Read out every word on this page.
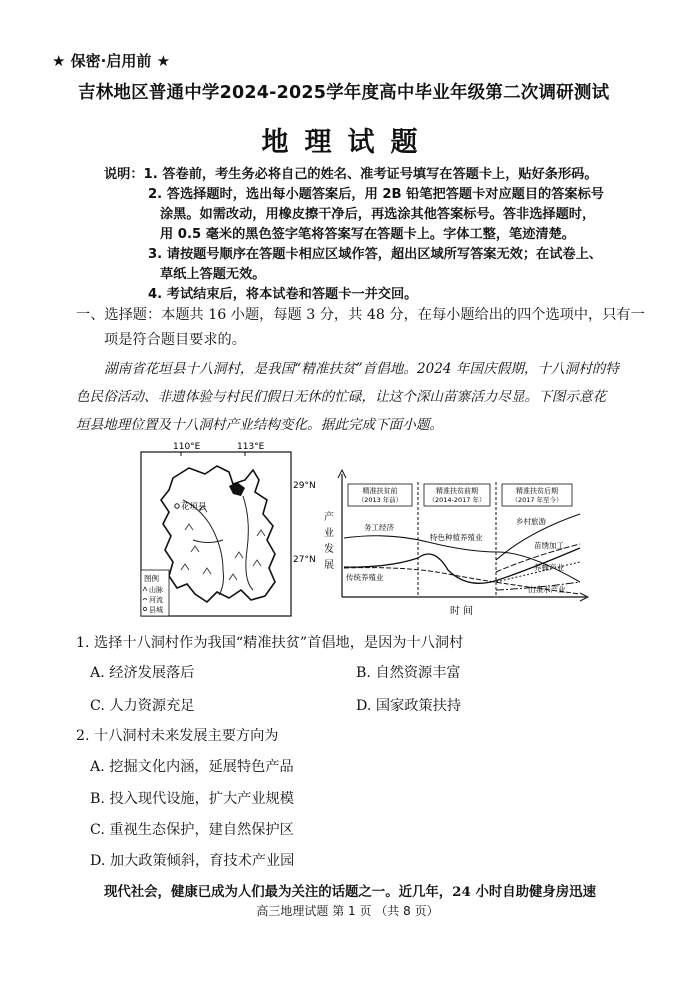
★ 保密·启用前 ★
吉林地区普通中学2024-2025学年度高中毕业年级第二次调研测试
地理试题
说明：1. 答卷前，考生务必将自己的姓名、准考证号填写在答题卡上，贴好条形码。
2. 答选择题时，选出每小题答案后，用 2B 铅笔把答题卡对应题目的答案标号
涂黑。如需改动，用橡皮擦干净后，再选涂其他答案标号。答非选择题时，
用 0.5 毫米的黑色签字笔将答案写在答题卡上。字体工整，笔迹清楚。
3. 请按题号顺序在答题卡相应区域作答，超出区域所写答案无效；在试卷上、
草纸上答题无效。
4. 考试结束后，将本试卷和答题卡一并交回。
一、选择题：本题共 16 小题，每题 3 分，共 48 分，在每小题给出的四个选项中，只有一
项是符合题目要求的。
湖南省花垣县十八洞村，是我国“精准扶贫”首倡地。2024 年国庆假期，十八洞村的特
色民俗活动、非遗体验与村民们假日无休的忙碌，让这个深山苗寨活力尽显。下图示意花
垣县地理位置及十八洞村产业结构变化。据此完成下面小题。
110°E	113°E
29°N
27°N
花垣县
图例
山脉
河流
县城
产
业
发
展
精准扶贫前
（2013 年前）
精准扶贫前期
（2014-2017 年）
精准扶贫后期
（2017 年至今）
务工经济
特色种植养殖业
传统养殖业
乡村旅游
苗绣加工
养蜂产业
山泉水产业
时 间
1. 选择十八洞村作为我国“精准扶贫”首倡地，是因为十八洞村
A. 经济发展落后	B. 自然资源丰富
C. 人力资源充足	D. 国家政策扶持
2. 十八洞村未来发展主要方向为
A. 挖掘文化内涵，延展特色产品
B. 投入现代设施，扩大产业规模
C. 重视生态保护，建自然保护区
D. 加大政策倾斜，育技术产业园
现代社会，健康已成为人们最为关注的话题之一。近几年，24 小时自助健身房迅速
高三地理试题 第 1 页 （共 8 页）
